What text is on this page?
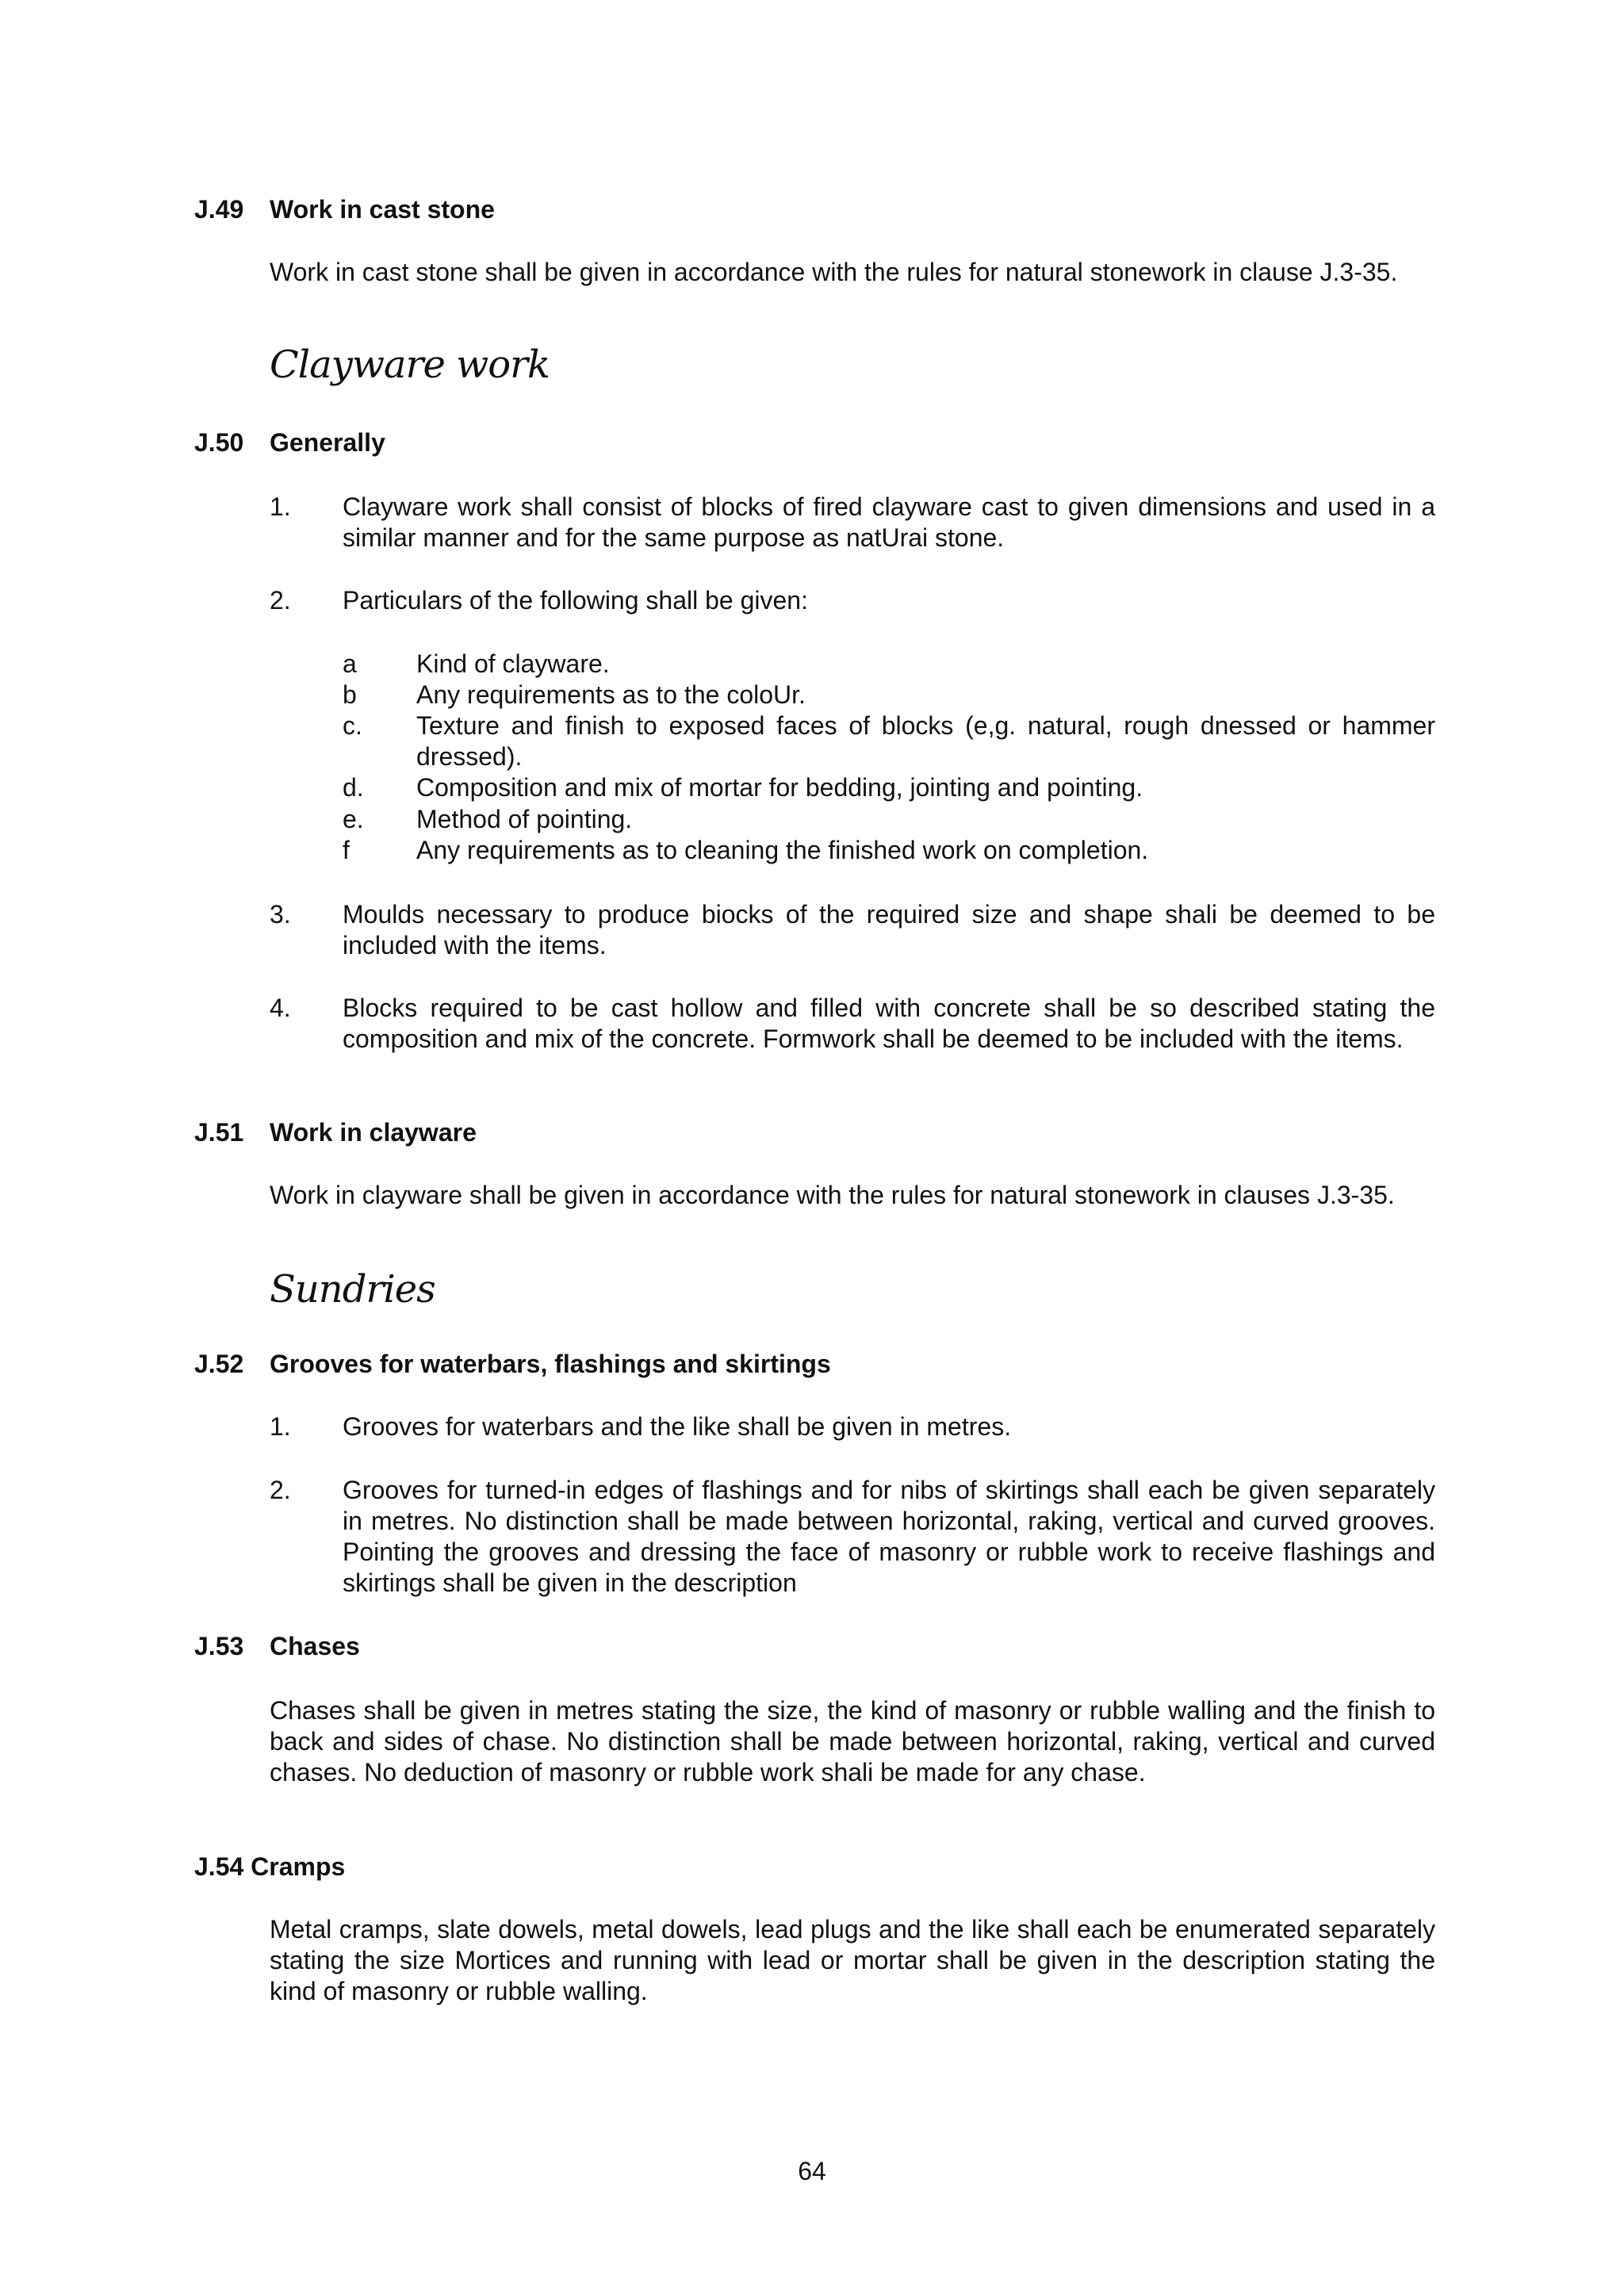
J.49 Work in cast stone
Work in cast stone shall be given in accordance with the rules for natural stonework in clause J.3-35.
Clayware work
J.50 Generally
1. Clayware work shall consist of blocks of fired clayware cast to given dimensions and used in a similar manner and for the same purpose as natUrai stone.
2. Particulars of the following shall be given:
a Kind of clayware.
b Any requirements as to the coloUr.
c. Texture and finish to exposed faces of blocks (e,g. natural, rough dnessed or hammer dressed).
d. Composition and mix of mortar for bedding, jointing and pointing.
e. Method of pointing.
f	Any requirements as to cleaning the finished work on completion.
3. Moulds necessary to produce biocks of the required size and shape shali be deemed to be included with the items.
4. Blocks required to be cast hollow and filled with concrete shall be so described stating the composition and mix of the concrete. Formwork shall be deemed to be included with the items.
J.51 Work in clayware
Work in clayware shall be given in accordance with the rules for natural stonework in clauses J.3-35.
Sundries
J.52 Grooves for waterbars, flashings and skirtings
1. Grooves for waterbars and the like shall be given in metres.
2. Grooves for turned-in edges of flashings and for nibs of skirtings shall each be given separately in metres. No distinction shall be made between horizontal, raking, vertical and curved grooves. Pointing the grooves and dressing the face of masonry or rubble work to receive flashings and skirtings shall be given in the description
J.53 Chases
Chases shall be given in metres stating the size, the kind of masonry or rubble walling and the finish to back and sides of chase. No distinction shall be made between horizontal, raking, vertical and curved chases. No deduction of masonry or rubble work shali be made for any chase.
J.54 Cramps
Metal cramps, slate dowels, metal dowels, lead plugs and the like shall each be enumerated separately stating the size Mortices and running with lead or mortar shall be given in the description stating the kind of masonry or rubble walling.
64
